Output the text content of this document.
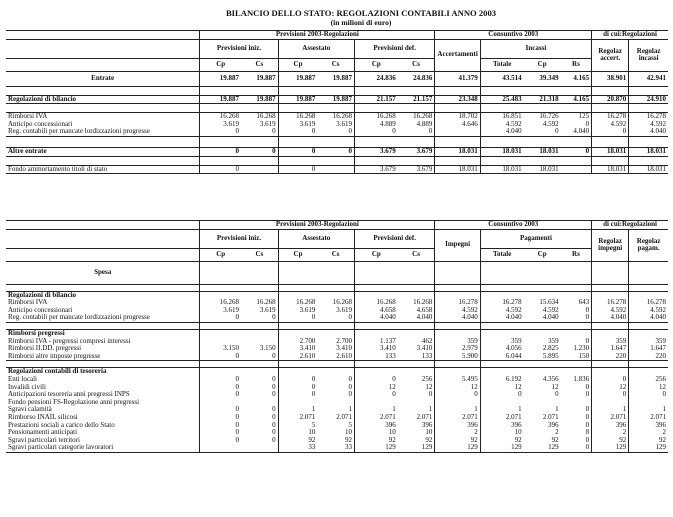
BILANCIO DELLO STATO: REGOLAZIONI CONTABILI ANNO 2003
(in milioni di euro)
	Previsioni 2003-Regolazioni						Consuntivo 2003				di cui:Regolazioni	
	Previsioni iniz.		Assestato		Previsioni def.		Accertamenti	Incassi			Regolaz accert.	Regolaz incassi
	Cp	Cs	Cp	Cs	Cp	Cs		Totale	Cp	Rs		
Entrate	19.887	19.887	19.887	19.887	24.836	24.836	41.379	43.514	39.349	4.165	38.901	42.941

Regolazioni di bilancio	19.887	19.887	19.887	19.887	21.157	21.157	23.348	25.483	21.318	4.165	20.870	24.910

Rimborsi IVA	16.268	16.268	16.268	16.268	16.268	16.268	18.702	16.851	16.726	125	16.278	16.278
Anticipo concessionari	3.619	3.619	3.619	3.619	4.889	4.889	4.646	4.592	4.592	0	4.592	4.592
Reg. contabili per mancate lordizzazioni progresse	0	0	0	0	0	0		4.040	0	4.040	0	4.040

Altre entrate	0	0	0	0	3.679	3.679	18.031	18.031	18.031	0	18.031	18.031

Fondo ammortamento titoli di stato	0		0		3.679	3.679	18.031	18.031	18.031		18.031	18.031
	Previsioni 2003-Regolazioni						Consuntivo 2003				di cui:Regolazioni	
	Previsioni iniz.		Assestato		Previsioni def.		Impegni	Pagamenti			Regolaz impegni	Regolaz pagam.
	Cp	Cs	Cp	Cs	Cp	Cs		Totale	Cp	Rs		
Spesa												

Regolazioni di bilancio												
Rimborsi IVA	16.268	16.268	16.268	16.268	16.268	16.268	16.278	16.278	15.634	643	16.278	16.278
Anticipo concessionari	3.619	3.619	3.619	3.619	4.658	4.658	4.592	4.592	4.592	0	4.592	4.592
Reg. contabili per mancate lordizzazioni progresse	0	0	0	0	4.040	4.040	4.040	4.040	4.040	0	4.040	4.040

Rimborsi pregressi												
Rimborsi IVA - pregressi compresi interessi			2.700	2.700	1.137	462	359	359	359	0	359	359
Rimborsi II.DD. pregressi	3.150	3.150	3.410	3.410	3.410	3.410	2.979	4.056	2.825	1.230	1.647	1.647
Rimborsi altre imposte pregresse	0	0	2.610	2.610	133	133	5.900	6.044	5.895	150	220	220

Regolazioni contabili di tesoreria												
Enti locali	0	0	0	0	0	256	5.495	6.192	4.356	1.836	0	256
Invalidi civili	0	0	0	0	12	12	12	12	12	0	12	12
Anticipazioni tesoreria anni pregressi INPS	0	0	0	0	0	0	0	0	0	0	0	0
Fondo pensioni FS-Regolazione anni pregressi												
Sgravi calamità	0	0	1	1	1	1	1	1	1	0	1	1
Rimborso INAIL silicosi	0	0	2.071	2.071	2.071	2.071	2.071	2.071	2.071	0	2.071	2.071
Prestazioni sociali a carico dello Stato	0	0	5	5	396	396	396	396	396	0	396	396
Pensionamenti anticipati	0	0	10	10	10	10	2	10	2	8	2	2
Sgravi particolari territori	0	0	92	92	92	92	92	92	92	0	92	92
Sgravi particolari categorie lavoratori			33	33	129	129	129	129	129	0	129	129
